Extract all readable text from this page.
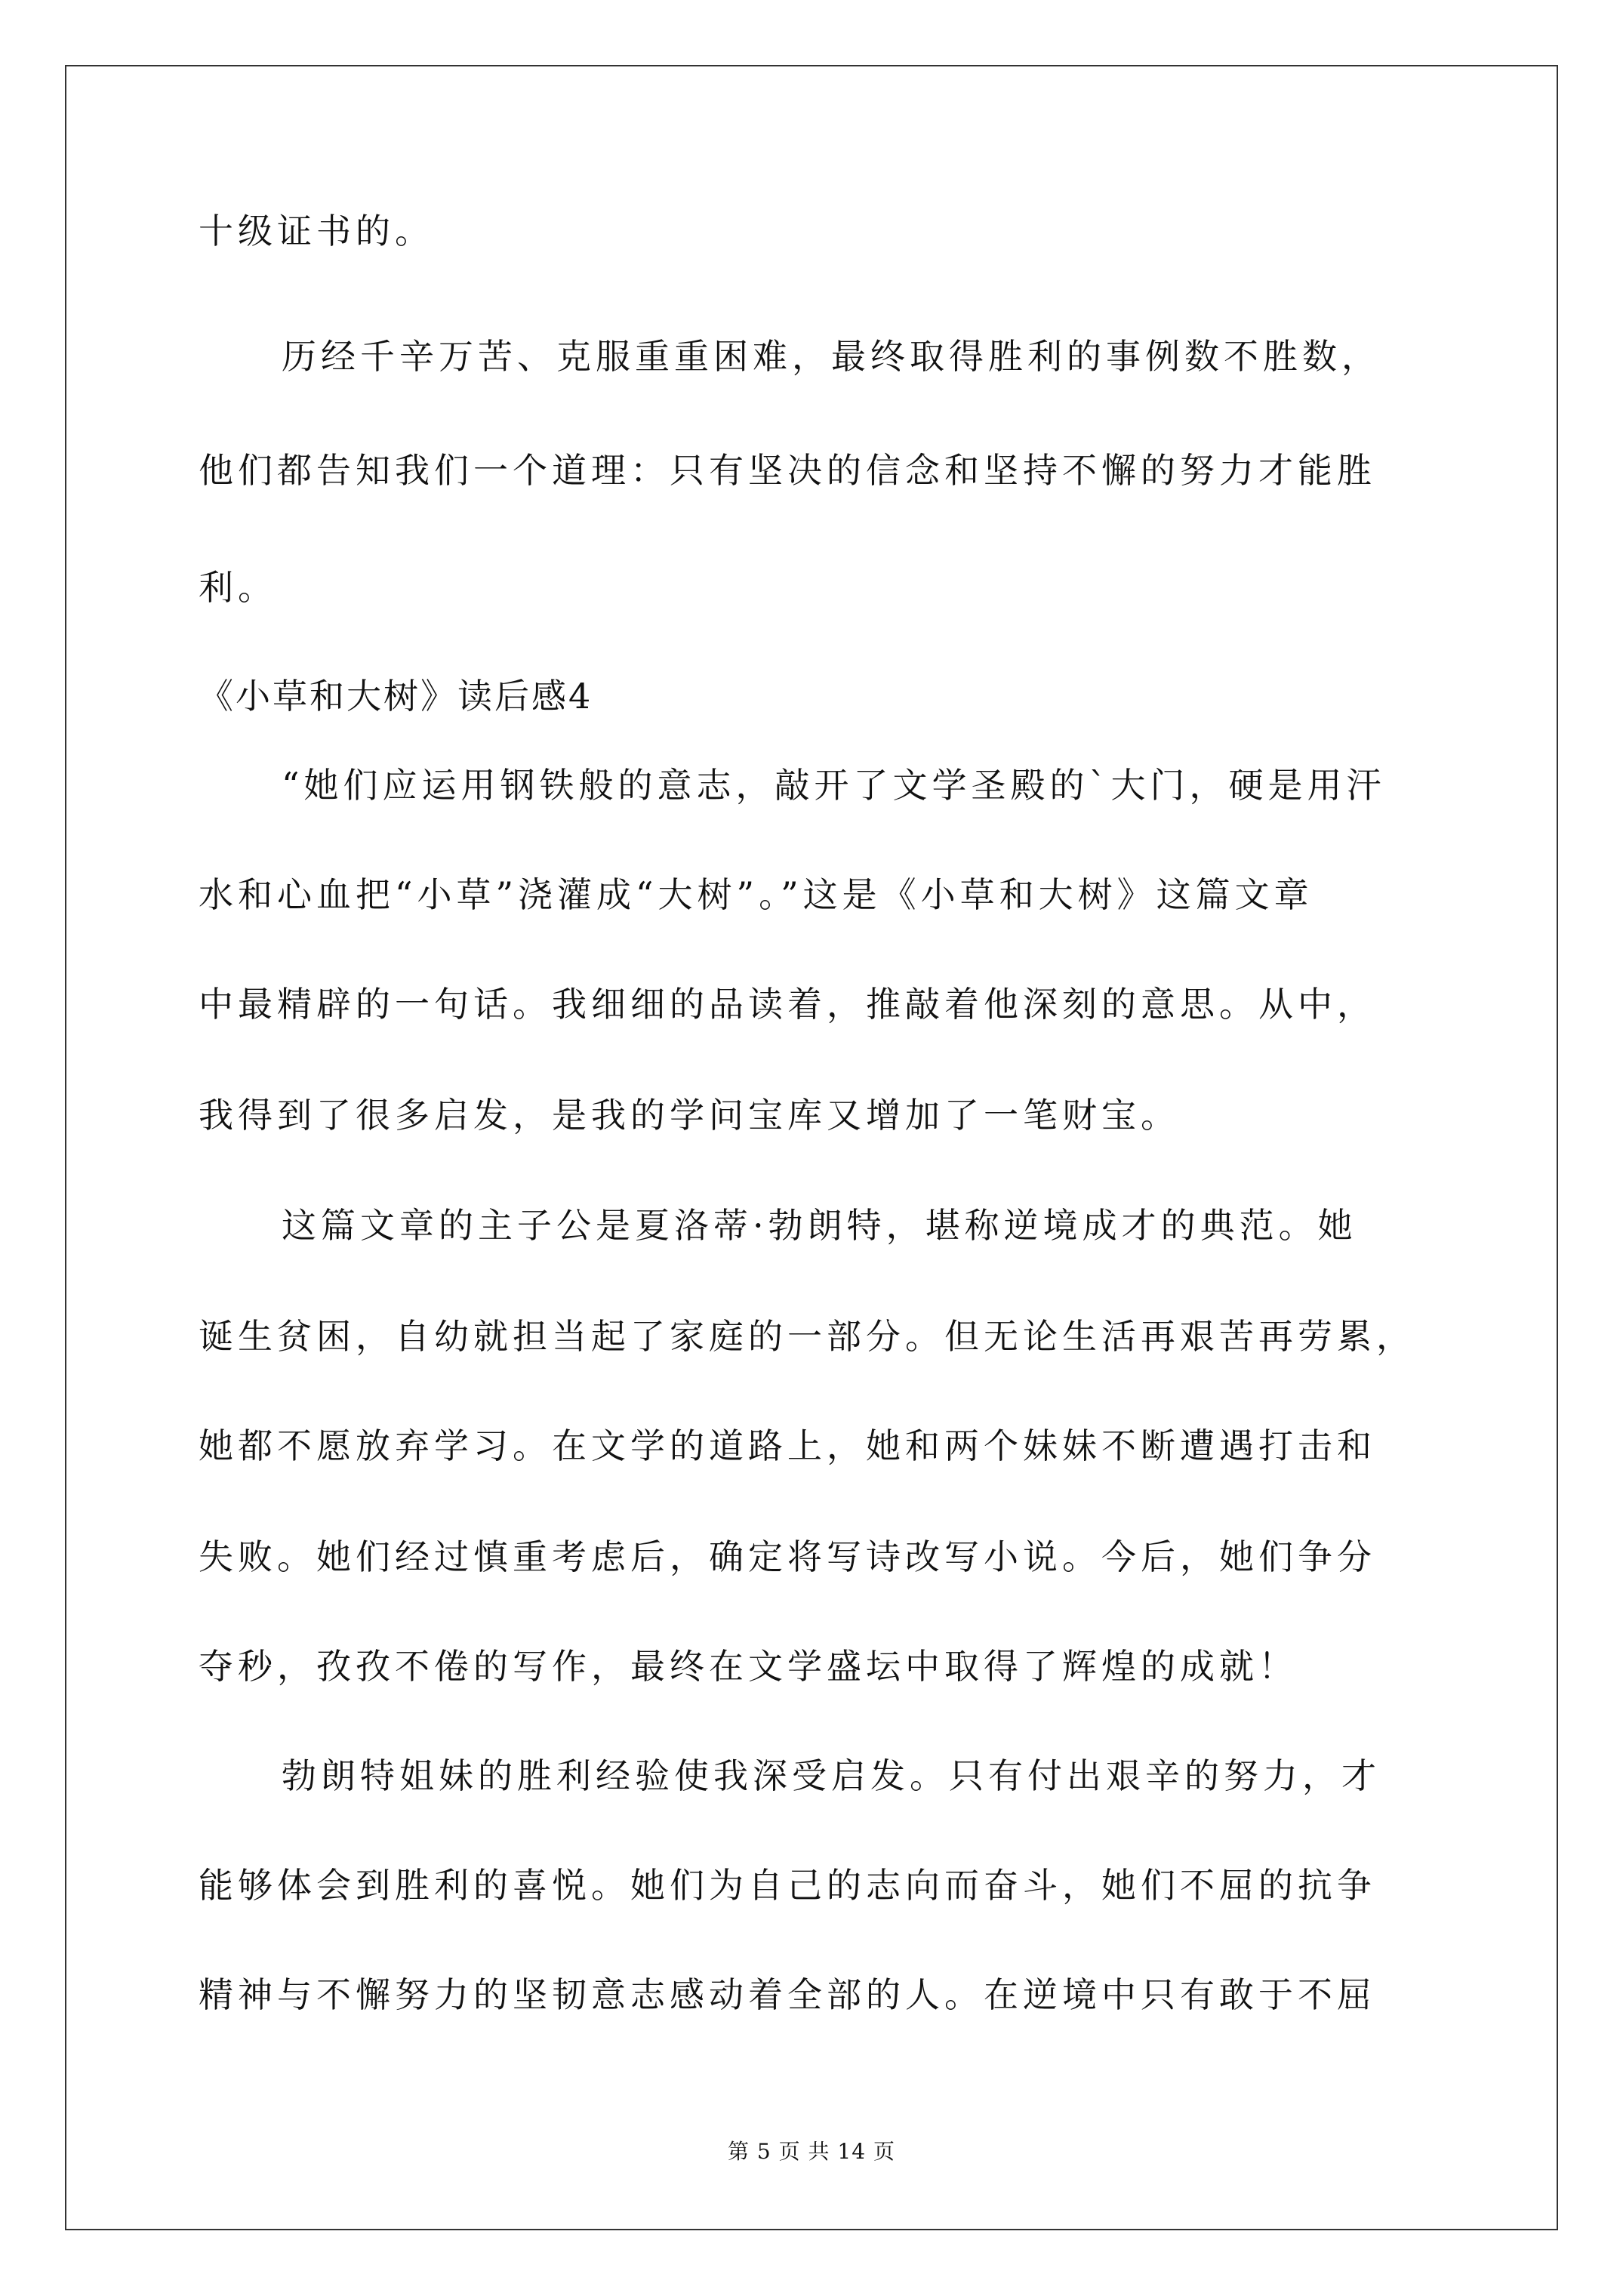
十级证书的。
历经千辛万苦、克服重重困难，最终取得胜利的事例数不胜数，
他们都告知我们一个道理：只有坚决的信念和坚持不懈的努力才能胜
利。
《小草和大树》读后感4
“她们应运用钢铁般的意志，敲开了文学圣殿的`大门，硬是用汗
水和心血把“小草”浇灌成“大树”。”这是《小草和大树》这篇文章
中最精辟的一句话。我细细的品读着，推敲着他深刻的意思。从中，
我得到了很多启发，是我的学问宝库又增加了一笔财宝。
这篇文章的主子公是夏洛蒂·勃朗特，堪称逆境成才的典范。她
诞生贫困，自幼就担当起了家庭的一部分。但无论生活再艰苦再劳累，
她都不愿放弃学习。在文学的道路上，她和两个妹妹不断遭遇打击和
失败。她们经过慎重考虑后，确定将写诗改写小说。今后，她们争分
夺秒，孜孜不倦的写作，最终在文学盛坛中取得了辉煌的成就！
勃朗特姐妹的胜利经验使我深受启发。只有付出艰辛的努力，才
能够体会到胜利的喜悦。她们为自己的志向而奋斗，她们不屈的抗争
精神与不懈努力的坚韧意志感动着全部的人。在逆境中只有敢于不屈
第 5 页 共 14 页
